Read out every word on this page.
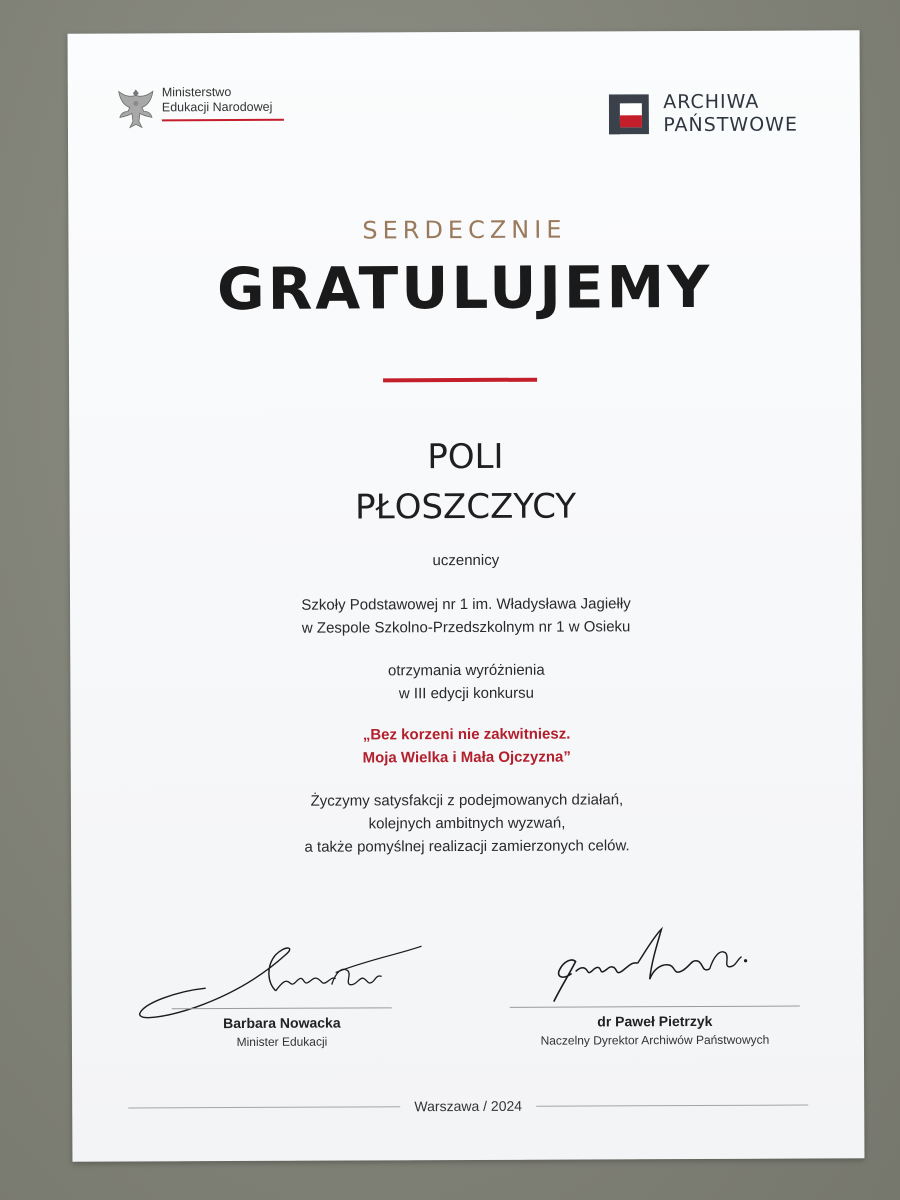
Ministerstwo
Edukacji Narodowej	ARCHIWA
PAŃSTWOWE
SERDECZNIE
GRATULUJEMY
POLI
PŁOSZCZYCY
uczennicy
Szkoły Podstawowej nr 1 im. Władysława Jagiełły
w Zespole Szkolno-Przedszkolnym nr 1 w Osieku
otrzymania wyróżnienia
w III edycji konkursu
„Bez korzeni nie zakwitniesz.
Moja Wielka i Mała Ojczyzna”
Życzymy satysfakcji z podejmowanych działań,
kolejnych ambitnych wyzwań,
a także pomyślnej realizacji zamierzonych celów.
Barbara Nowacka
Minister Edukacji
dr Paweł Pietrzyk
Naczelny Dyrektor Archiwów Państwowych
Warszawa / 2024
